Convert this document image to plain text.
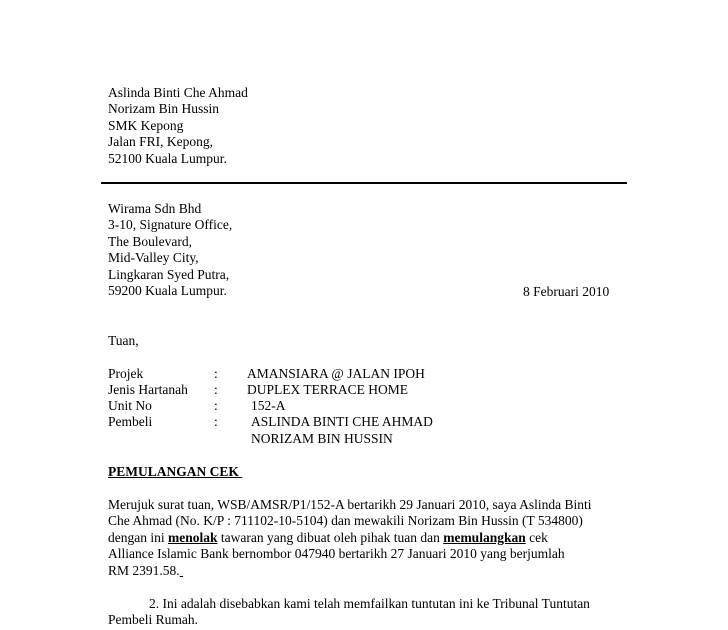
Aslinda Binti Che Ahmad
Norizam Bin Hussin
SMK Kepong
Jalan FRI, Kepong,
52100 Kuala Lumpur.
Wirama Sdn Bhd
3-10, Signature Office,
The Boulevard,
Mid-Valley City,
Lingkaran Syed Putra,
59200 Kuala Lumpur.	8 Februari 2010
Tuan,
Projek	: AMANSIARA @ JALAN IPOH
Jenis Hartanah : DUPLEX TERRACE HOME
Unit No	: 152-A
Pembeli	: ASLINDA BINTI CHE AHMAD
NORIZAM BIN HUSSIN
PEMULANGAN CEK
Merujuk surat tuan, WSB/AMSR/P1/152-A bertarikh 29 Januari 2010, saya Aslinda Binti
Che Ahmad (No. K/P : 711102-10-5104) dan mewakili Norizam Bin Hussin (T 534800)
dengan ini menolak tawaran yang dibuat oleh pihak tuan dan memulangkan cek
Alliance Islamic Bank bernombor 047940 bertarikh 27 Januari 2010 yang berjumlah
RM 2391.58.
2. Ini adalah disebabkan kami telah memfailkan tuntutan ini ke Tribunal Tuntutan
Pembeli Rumah.
